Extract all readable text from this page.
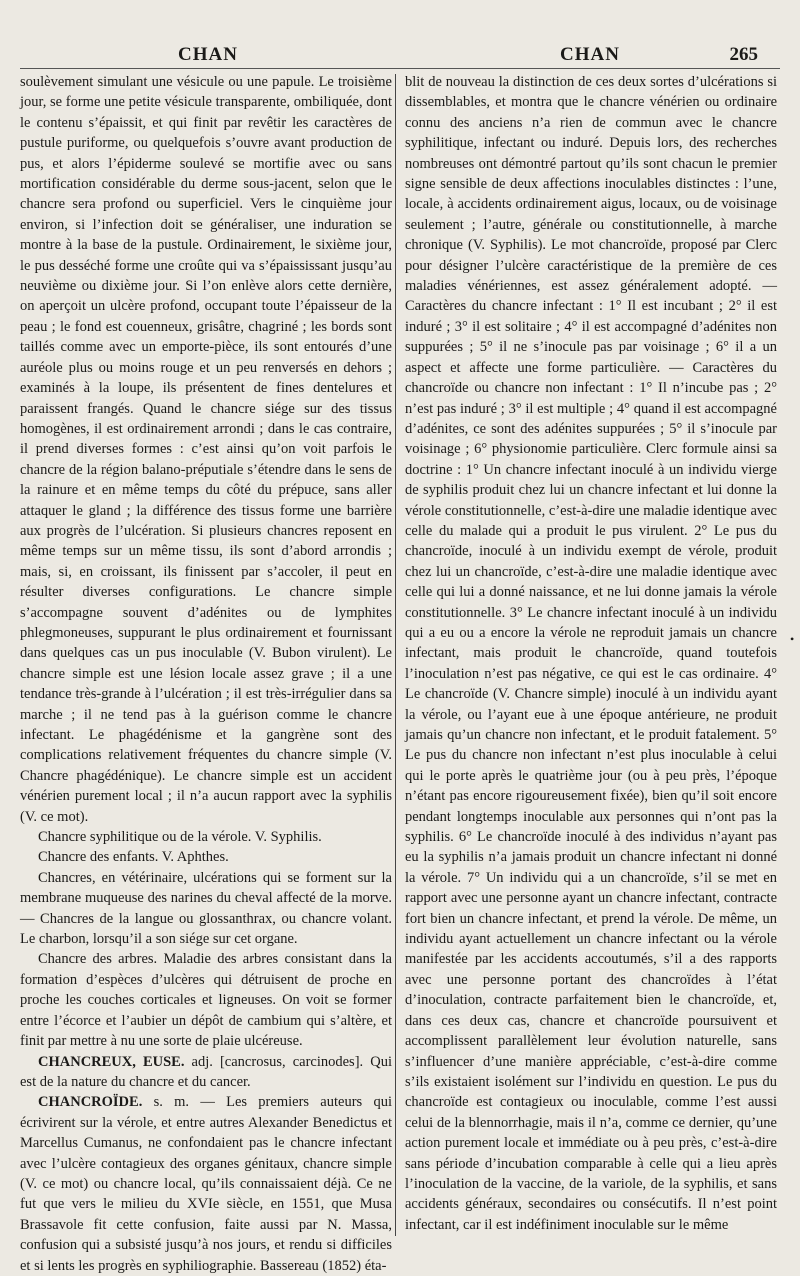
CHAN	CHAN	265

soulèvement simulant une vésicule ou une papule. Le troisième jour, se forme une petite vésicule transparente, ombiliquée, dont le contenu s’épaissit, et qui finit par revêtir les caractères de pustule puriforme, ou quelquefois s’ouvre avant production de pus, et alors l’épiderme soulevé se mortifie avec ou sans mortification considérable du derme sous-jacent, selon que le chancre sera profond ou superficiel. Vers le cinquième jour environ, si l’infection doit se généraliser, une induration se montre à la base de la pustule. Ordinairement, le sixième jour, le pus desséché forme une croûte qui va s’épaississant jusqu’au neuvième ou dixième jour. Si l’on enlève alors cette dernière, on aperçoit un ulcère profond, occupant toute l’épaisseur de la peau ; le fond est couenneux, grisâtre, chagriné ; les bords sont taillés comme avec un emporte-pièce, ils sont entourés d’une auréole plus ou moins rouge et un peu renversés en dehors ; examinés à la loupe, ils présentent de fines dentelures et paraissent frangés. Quand le chancre siége sur des tissus homogènes, il est ordinairement arrondi ; dans le cas contraire, il prend diverses formes : c’est ainsi qu’on voit parfois le chancre de la région balano-préputiale s’étendre dans le sens de la rainure et en même temps du côté du prépuce, sans aller attaquer le gland ; la différence des tissus forme une barrière aux progrès de l’ulcération. Si plusieurs chancres reposent en même temps sur un même tissu, ils sont d’abord arrondis ; mais, si, en croissant, ils finissent par s’accoler, il peut en résulter diverses configurations. Le chancre simple s’accompagne souvent d’adénites ou de lymphites phlegmoneuses, suppurant le plus ordinairement et fournissant dans quelques cas un pus inoculable (V. Bubon virulent). Le chancre simple est une lésion locale assez grave ; il a une tendance très-grande à l’ulcération ; il est très-irrégulier dans sa marche ; il ne tend pas à la guérison comme le chancre infectant. Le phagédénisme et la gangrène sont des complications relativement fréquentes du chancre simple (V. Chancre phagédénique). Le chancre simple est un accident vénérien purement local ; il n’a aucun rapport avec la syphilis (V. ce mot).

Chancre syphilitique ou de la vérole. V. Syphilis.

Chancre des enfants. V. Aphthes.

Chancres, en vétérinaire, ulcérations qui se forment sur la membrane muqueuse des narines du cheval affecté de la morve. — Chancres de la langue ou glossanthrax, ou chancre volant. Le charbon, lorsqu’il a son siége sur cet organe.

Chancre des arbres. Maladie des arbres consistant dans la formation d’espèces d’ulcères qui détruisent de proche en proche les couches corticales et ligneuses. On voit se former entre l’écorce et l’aubier un dépôt de cambium qui s’altère, et finit par mettre à nu une sorte de plaie ulcéreuse.

CHANCREUX, EUSE. adj. [cancrosus, carcinodes]. Qui est de la nature du chancre et du cancer.

CHANCROÏDE. s. m. — Les premiers auteurs qui écrivirent sur la vérole, et entre autres Alexander Benedictus et Marcellus Cumanus, ne confondaient pas le chancre infectant avec l’ulcère contagieux des organes génitaux, chancre simple (V. ce mot) ou chancre local, qu’ils connaissaient déjà. Ce ne fut que vers le milieu du XVIe siècle, en 1551, que Musa Brassavole fit cette confusion, faite aussi par N. Massa, confusion qui a subsisté jusqu’à nos jours, et rendu si difficiles et si lents les progrès en syphiliographie. Bassereau (1852) éta-

blit de nouveau la distinction de ces deux sortes d’ulcérations si dissemblables, et montra que le chancre vénérien ou ordinaire connu des anciens n’a rien de commun avec le chancre syphilitique, infectant ou induré. Depuis lors, des recherches nombreuses ont démontré partout qu’ils sont chacun le premier signe sensible de deux affections inoculables distinctes : l’une, locale, à accidents ordinairement aigus, locaux, ou de voisinage seulement ; l’autre, générale ou constitutionnelle, à marche chronique (V. Syphilis). Le mot chancroïde, proposé par Clerc pour désigner l’ulcère caractéristique de la première de ces maladies vénériennes, est assez généralement adopté. — Caractères du chancre infectant : 1° Il est incubant ; 2° il est induré ; 3° il est solitaire ; 4° il est accompagné d’adénites non suppurées ; 5° il ne s’inocule pas par voisinage ; 6° il a un aspect et affecte une forme particulière. — Caractères du chancroïde ou chancre non infectant : 1° Il n’incube pas ; 2° n’est pas induré ; 3° il est multiple ; 4° quand il est accompagné d’adénites, ce sont des adénites suppurées ; 5° il s’inocule par voisinage ; 6° physionomie particulière. Clerc formule ainsi sa doctrine : 1° Un chancre infectant inoculé à un individu vierge de syphilis produit chez lui un chancre infectant et lui donne la vérole constitutionnelle, c’est-à-dire une maladie identique avec celle du malade qui a produit le pus virulent. 2° Le pus du chancroïde, inoculé à un individu exempt de vérole, produit chez lui un chancroïde, c’est-à-dire une maladie identique avec celle qui lui a donné naissance, et ne lui donne jamais la vérole constitutionnelle. 3° Le chancre infectant inoculé à un individu qui a eu ou a encore la vérole ne reproduit jamais un chancre infectant, mais produit le chancroïde, quand toutefois l’inoculation n’est pas négative, ce qui est le cas ordinaire. 4° Le chancroïde (V. Chancre simple) inoculé à un individu ayant la vérole, ou l’ayant eue à une époque antérieure, ne produit jamais qu’un chancre non infectant, et le produit fatalement. 5° Le pus du chancre non infectant n’est plus inoculable à celui qui le porte après le quatrième jour (ou à peu près, l’époque n’étant pas encore rigoureusement fixée), bien qu’il soit encore pendant longtemps inoculable aux personnes qui n’ont pas la syphilis. 6° Le chancroïde inoculé à des individus n’ayant pas eu la syphilis n’a jamais produit un chancre infectant ni donné la vérole. 7° Un individu qui a un chancroïde, s’il se met en rapport avec une personne ayant un chancre infectant, contracte fort bien un chancre infectant, et prend la vérole. De même, un individu ayant actuellement un chancre infectant ou la vérole manifestée par les accidents accoutumés, s’il a des rapports avec une personne portant des chancroïdes à l’état d’inoculation, contracte parfaitement bien le chancroïde, et, dans ces deux cas, chancre et chancroïde poursuivent et accomplissent parallèlement leur évolution naturelle, sans s’influencer d’une manière appréciable, c’est-à-dire comme s’ils existaient isolément sur l’individu en question. Le pus du chancroïde est contagieux ou inoculable, comme l’est aussi celui de la blennorrhagie, mais il n’a, comme ce dernier, qu’une action purement locale et immédiate ou à peu près, c’est-à-dire sans période d’incubation comparable à celle qui a lieu après l’inoculation de la vaccine, de la variole, de la syphilis, et sans accidents généraux, secondaires ou consécutifs. Il n’est point infectant, car il est indéfiniment inoculable sur le même

•
